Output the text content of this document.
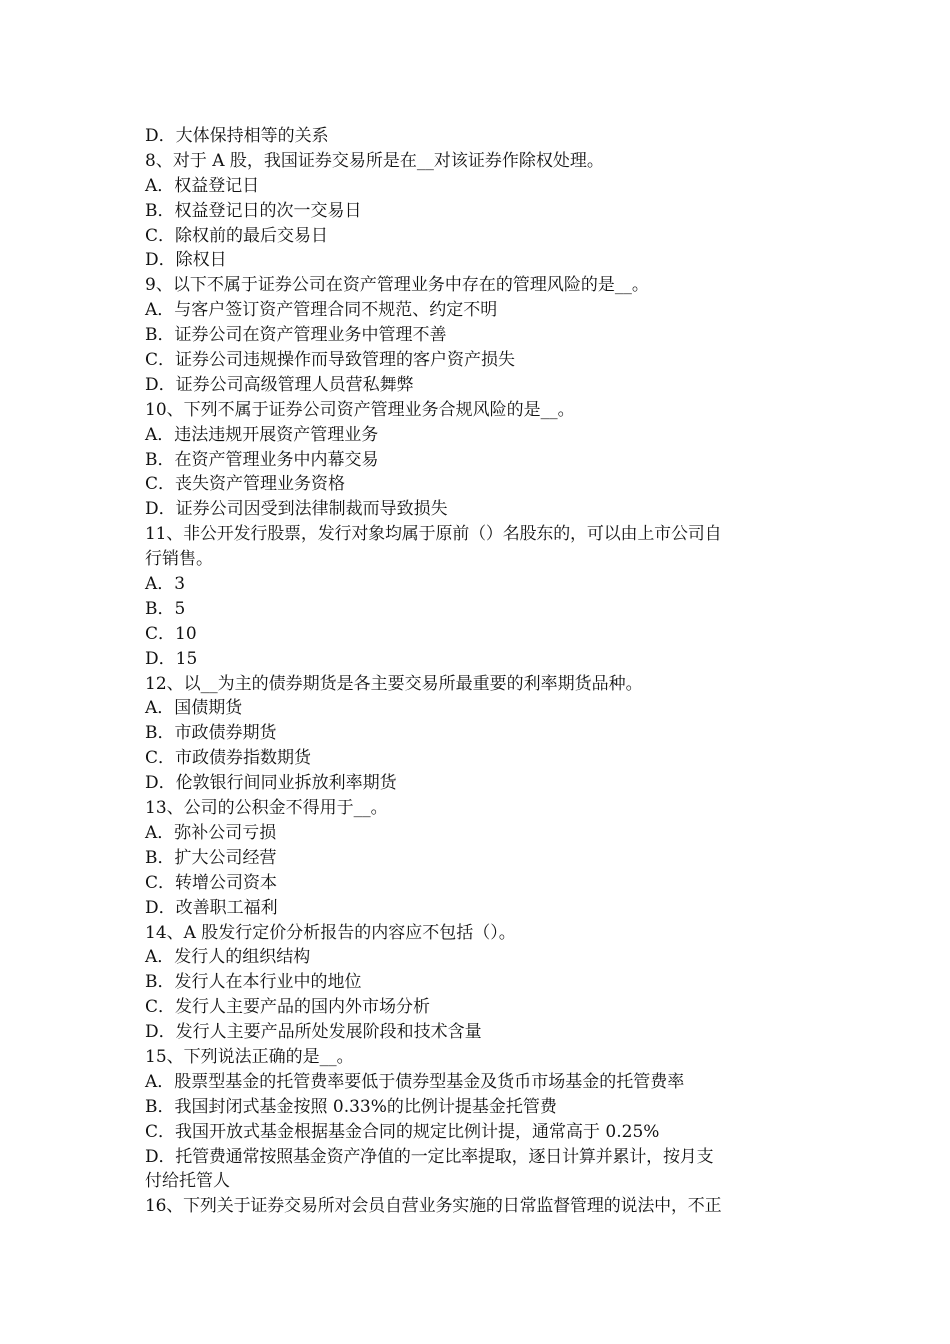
D．大体保持相等的关系
8、对于 A 股，我国证券交易所是在__对该证券作除权处理。
A．权益登记日
B．权益登记日的次一交易日
C．除权前的最后交易日
D．除权日
9、以下不属于证券公司在资产管理业务中存在的管理风险的是__。
A．与客户签订资产管理合同不规范、约定不明
B．证券公司在资产管理业务中管理不善
C．证券公司违规操作而导致管理的客户资产损失
D．证券公司高级管理人员营私舞弊
10、下列不属于证券公司资产管理业务合规风险的是__。
A．违法违规开展资产管理业务
B．在资产管理业务中内幕交易
C．丧失资产管理业务资格
D．证券公司因受到法律制裁而导致损失
11、非公开发行股票，发行对象均属于原前（）名股东的，可以由上市公司自
行销售。
A．3
B．5
C．10
D．15
12、以__为主的债券期货是各主要交易所最重要的利率期货品种。
A．国债期货
B．市政债券期货
C．市政债券指数期货
D．伦敦银行间同业拆放利率期货
13、公司的公积金不得用于__。
A．弥补公司亏损
B．扩大公司经营
C．转增公司资本
D．改善职工福利
14、A 股发行定价分析报告的内容应不包括（）。
A．发行人的组织结构
B．发行人在本行业中的地位
C．发行人主要产品的国内外市场分析
D．发行人主要产品所处发展阶段和技术含量
15、下列说法正确的是__。
A．股票型基金的托管费率要低于债券型基金及货币市场基金的托管费率
B．我国封闭式基金按照 0.33%的比例计提基金托管费
C．我国开放式基金根据基金合同的规定比例计提，通常高于 0.25%
D．托管费通常按照基金资产净值的一定比率提取，逐日计算并累计，按月支
付给托管人
16、下列关于证券交易所对会员自营业务实施的日常监督管理的说法中，不正
